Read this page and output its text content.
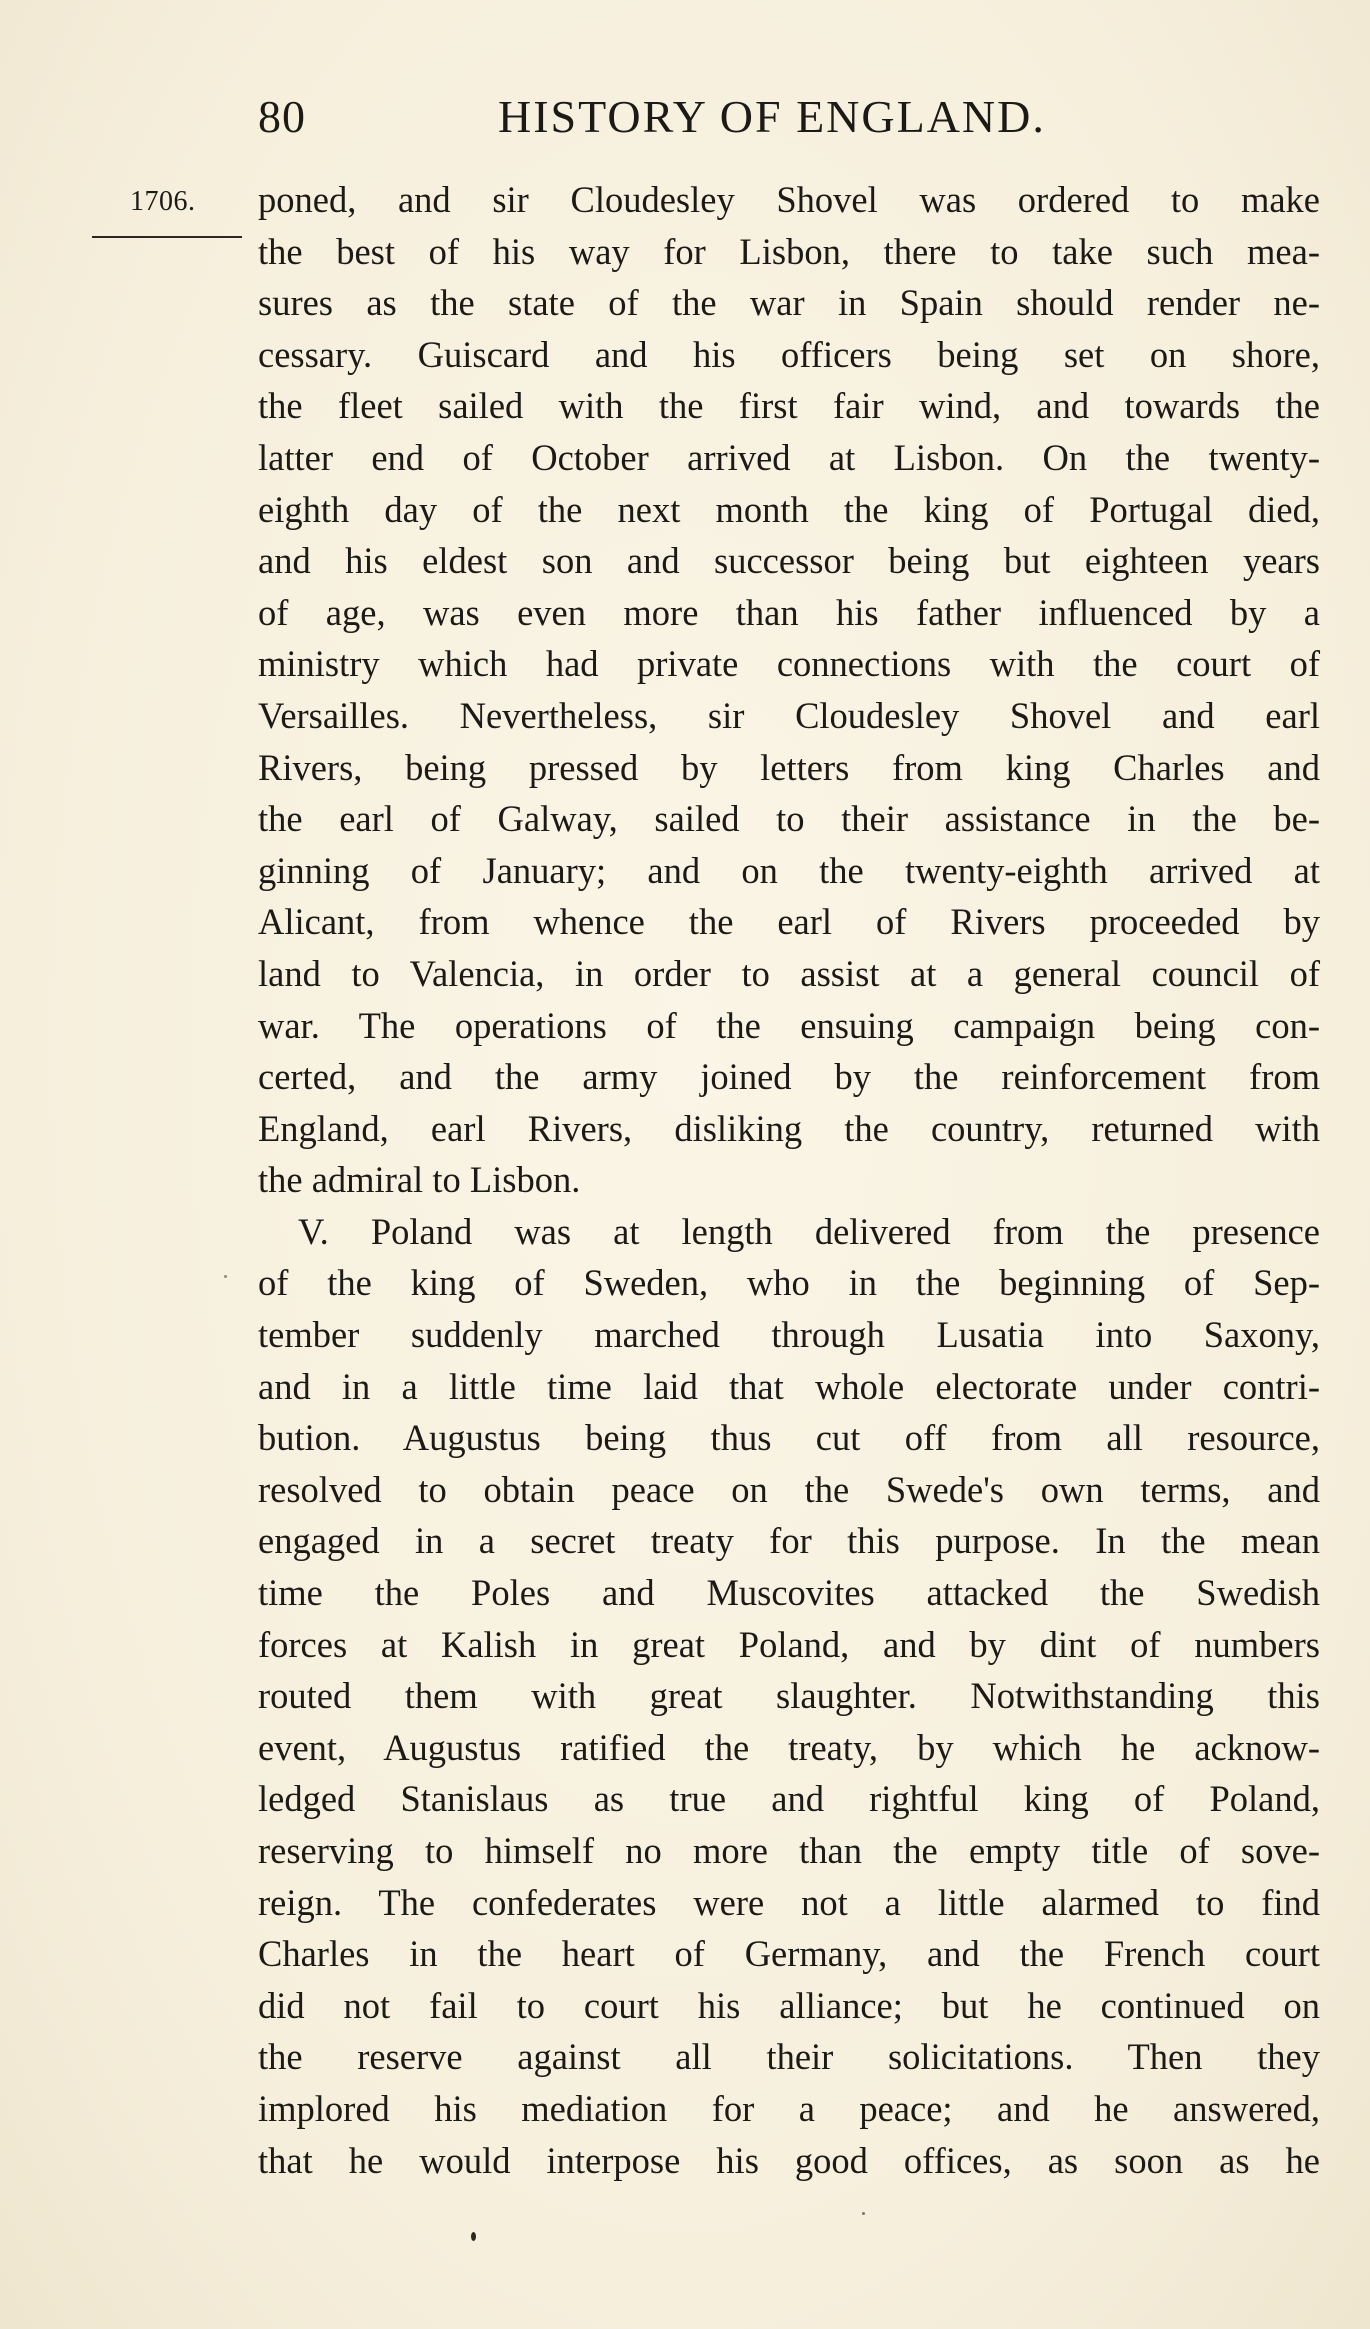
80	HISTORY OF ENGLAND.
1706. poned, and sir Cloudesley Shovel was ordered to make
the best of his way for Lisbon, there to take such mea-
sures as the state of the war in Spain should render ne-
cessary. Guiscard and his officers being set on shore,
the fleet sailed with the first fair wind, and towards the
latter end of October arrived at Lisbon. On the twenty-
eighth day of the next month the king of Portugal died,
and his eldest son and successor being but eighteen years
of age, was even more than his father influenced by a
ministry which had private connections with the court of
Versailles. Nevertheless, sir Cloudesley Shovel and earl
Rivers, being pressed by letters from king Charles and
the earl of Galway, sailed to their assistance in the be-
ginning of January; and on the twenty-eighth arrived at
Alicant, from whence the earl of Rivers proceeded by
land to Valencia, in order to assist at a general council of
war. The operations of the ensuing campaign being con-
certed, and the army joined by the reinforcement from
England, earl Rivers, disliking the country, returned with
the admiral to Lisbon.
V. Poland was at length delivered from the presence
of the king of Sweden, who in the beginning of Sep-
tember suddenly marched through Lusatia into Saxony,
and in a little time laid that whole electorate under contri-
bution. Augustus being thus cut off from all resource,
resolved to obtain peace on the Swede's own terms, and
engaged in a secret treaty for this purpose. In the mean
time the Poles and Muscovites attacked the Swedish
forces at Kalish in great Poland, and by dint of numbers
routed them with great slaughter. Notwithstanding this
event, Augustus ratified the treaty, by which he acknow-
ledged Stanislaus as true and rightful king of Poland,
reserving to himself no more than the empty title of sove-
reign. The confederates were not a little alarmed to find
Charles in the heart of Germany, and the French court
did not fail to court his alliance; but he continued on
the reserve against all their solicitations. Then they
implored his mediation for a peace; and he answered,
that he would interpose his good offices, as soon as he
